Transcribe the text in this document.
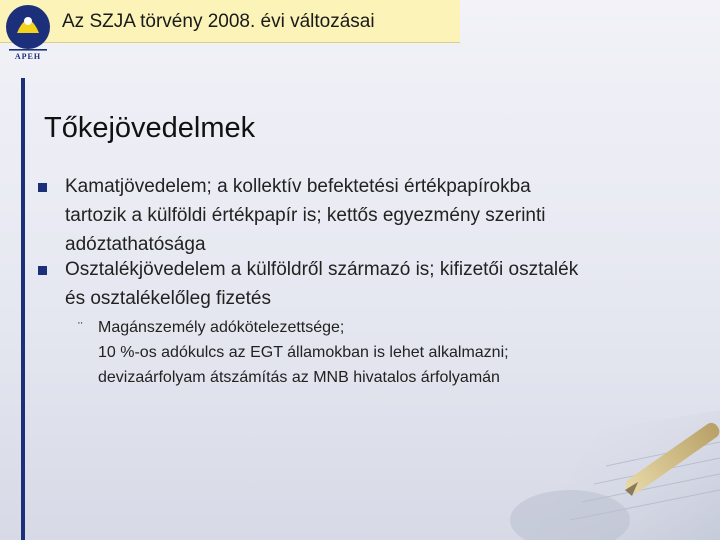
APEH
Az SZJA törvény 2008. évi változásai
Tőkejövedelmek
Kamatjövedelem; a kollektív befektetési értékpapírokba
tartozik a külföldi értékpapír is; kettős egyezmény szerinti
adóztathatósága
Osztalékjövedelem a külföldről származó is; kifizetői osztalék
és osztalékelőleg fizetés
¨ Magánszemély adókötelezettsége;
10 %-os adókulcs az EGT államokban is lehet alkalmazni;
devizaárfolyam átszámítás az MNB hivatalos árfolyamán
